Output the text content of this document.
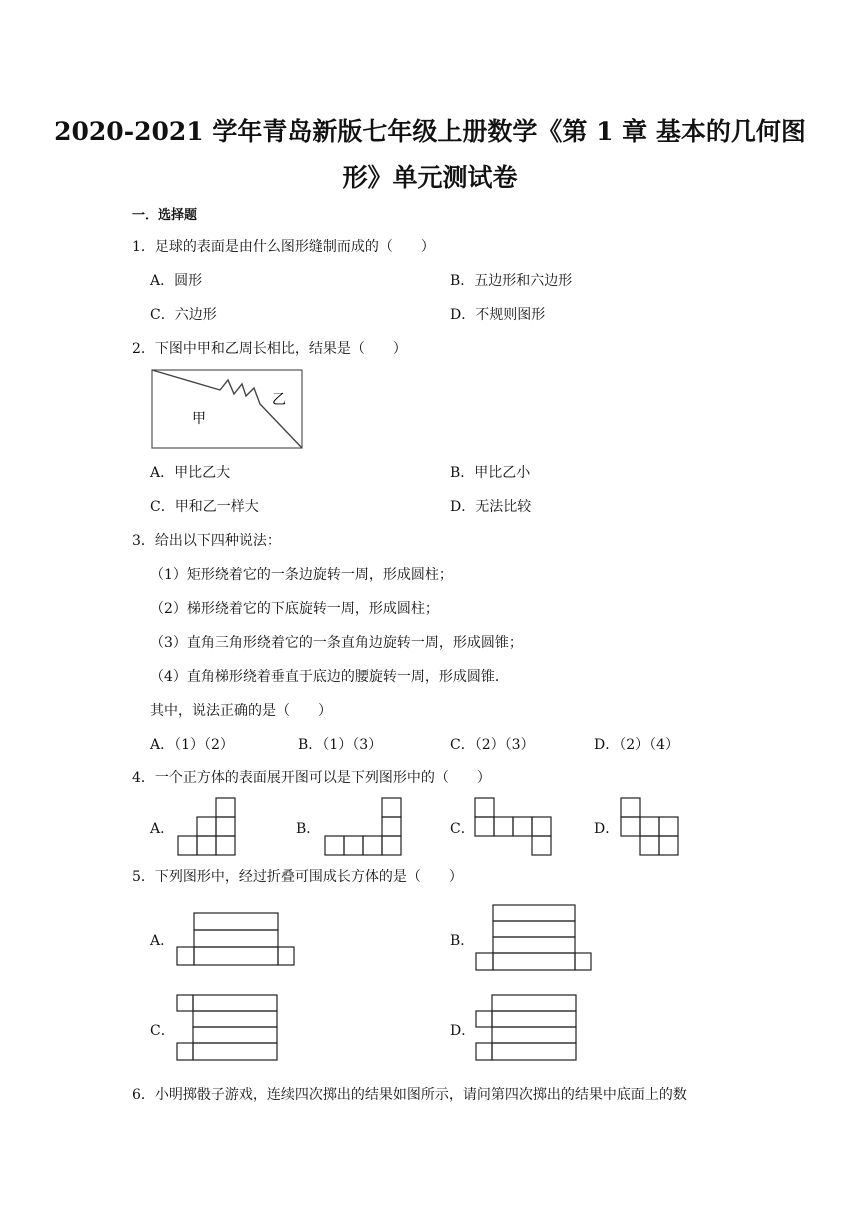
2020-2021 学年青岛新版七年级上册数学《第 1 章 基本的几何图
形》单元测试卷
一．选择题
1．足球的表面是由什么图形缝制而成的（　　）
A．圆形	B．五边形和六边形
C．六边形	D．不规则图形
2．下图中甲和乙周长相比，结果是（　　）
甲
乙
A．甲比乙大	B．甲比乙小
C．甲和乙一样大	D．无法比较
3．给出以下四种说法：
（1）矩形绕着它的一条边旋转一周，形成圆柱；
（2）梯形绕着它的下底旋转一周，形成圆柱；
（3）直角三角形绕着它的一条直角边旋转一周，形成圆锥；
（4）直角梯形绕着垂直于底边的腰旋转一周，形成圆锥．
其中，说法正确的是（　　）
A．（1）（2）	B．（1）（3）	C．（2）（3）	D．（2）（4）
4．一个正方体的表面展开图可以是下列图形中的（　　）
A．	B．	C．	D．
5．下列图形中，经过折叠可围成长方体的是（　　）
A．	B．
C．	D．
6．小明掷骰子游戏，连续四次掷出的结果如图所示，请问第四次掷出的结果中底面上的数
